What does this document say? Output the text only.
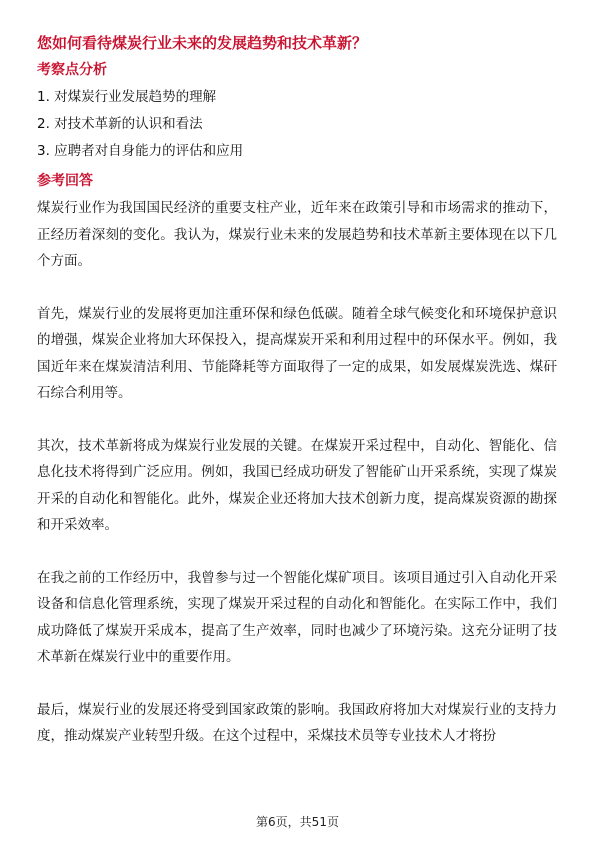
您如何看待煤炭行业未来的发展趋势和技术革新？
考察点分析
1. 对煤炭行业发展趋势的理解
2. 对技术革新的认识和看法
3. 应聘者对自身能力的评估和应用
参考回答

煤炭行业作为我国国民经济的重要支柱产业，近年来在政策引导和市场需求的推动下，正经历着深刻的变化。我认为，煤炭行业未来的发展趋势和技术革新主要体现在以下几个方面。

首先，煤炭行业的发展将更加注重环保和绿色低碳。随着全球气候变化和环境保护意识的增强，煤炭企业将加大环保投入，提高煤炭开采和利用过程中的环保水平。例如，我国近年来在煤炭清洁利用、节能降耗等方面取得了一定的成果，如发展煤炭洗选、煤矸石综合利用等。

其次，技术革新将成为煤炭行业发展的关键。在煤炭开采过程中，自动化、智能化、信息化技术将得到广泛应用。例如，我国已经成功研发了智能矿山开采系统，实现了煤炭开采的自动化和智能化。此外，煤炭企业还将加大技术创新力度，提高煤炭资源的勘探和开采效率。

在我之前的工作经历中，我曾参与过一个智能化煤矿项目。该项目通过引入自动化开采设备和信息化管理系统，实现了煤炭开采过程的自动化和智能化。在实际工作中，我们成功降低了煤炭开采成本，提高了生产效率，同时也减少了环境污染。这充分证明了技术革新在煤炭行业中的重要作用。

最后，煤炭行业的发展还将受到国家政策的影响。我国政府将加大对煤炭行业的支持力度，推动煤炭产业转型升级。在这个过程中，采煤技术员等专业技术人才将扮

第6页，共51页
